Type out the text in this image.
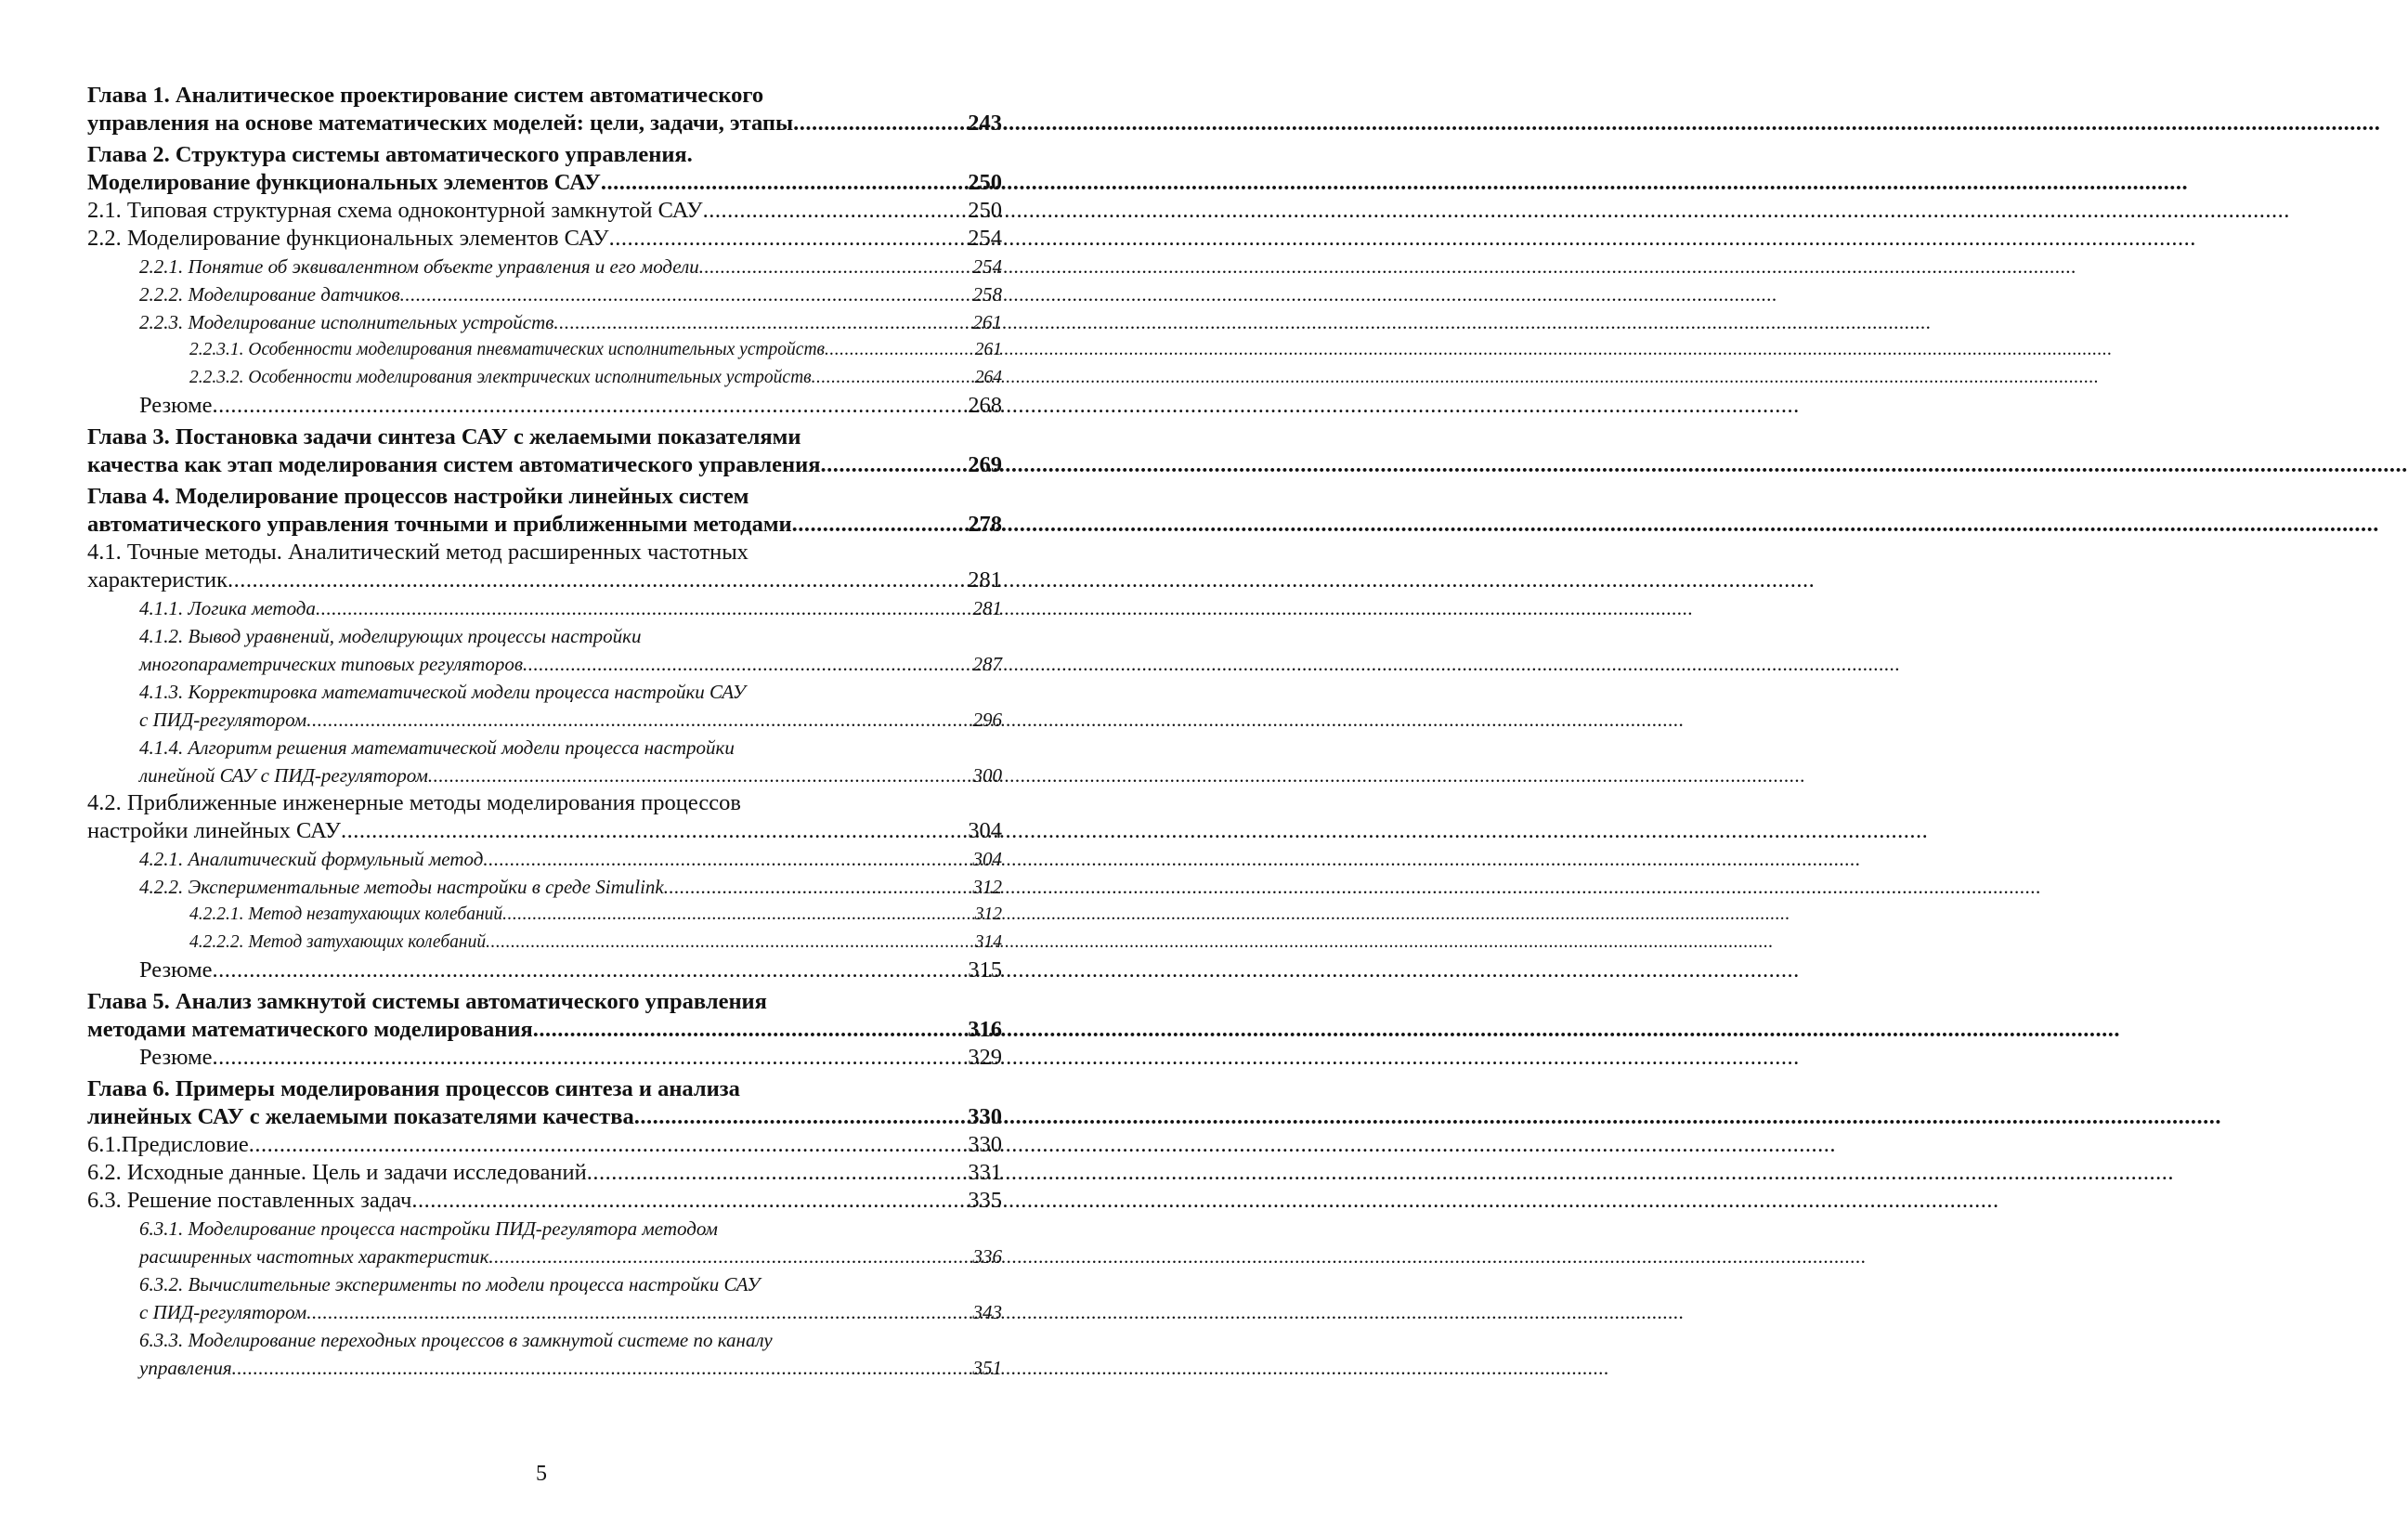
Глава 1. Аналитическое проектирование систем автоматического
управления на основе математических моделей: цели, задачи, этапы .....	243
Глава 2. Структура системы автоматического управления.
Моделирование функциональных элементов САУ .....	250
2.1. Типовая структурная схема одноконтурной замкнутой САУ .....	250
2.2. Моделирование функциональных элементов САУ .....	254
2.2.1. Понятие об эквивалентном объекте управления и его модели .....	254
2.2.2. Моделирование датчиков .....	258
2.2.3. Моделирование исполнительных устройств .....	261
2.2.3.1. Особенности моделирования пневматических исполнительных устройств .....	261
2.2.3.2. Особенности моделирования электрических исполнительных устройств .....	264
Резюме .....	268
Глава 3. Постановка задачи синтеза САУ с желаемыми показателями
качества как этап моделирования систем автоматического управления .....	269
Глава 4. Моделирование процессов настройки линейных систем
автоматического управления точными и приближенными методами .....	278
4.1. Точные методы. Аналитический метод расширенных частотных
характеристик .....	281
4.1.1. Логика метода .....	281
4.1.2. Вывод уравнений, моделирующих процессы настройки
многопараметрических типовых регуляторов .....	287
4.1.3. Корректировка математической модели процесса настройки САУ
с ПИД-регулятором .....	296
4.1.4. Алгоритм решения математической модели процесса настройки
линейной САУ с ПИД-регулятором .....	300
4.2. Приближенные инженерные методы моделирования процессов
настройки линейных САУ .....	304
4.2.1. Аналитический формульный метод .....	304
4.2.2. Экспериментальные методы настройки в среде Simulink .....	312
4.2.2.1. Метод незатухающих колебаний .....	312
4.2.2.2. Метод затухающих колебаний .....	314
Резюме .....	315
Глава 5. Анализ замкнутой системы автоматического управления
методами математического моделирования .....	316
Резюме .....	329
Глава 6. Примеры моделирования процессов синтеза и анализа
линейных САУ с желаемыми показателями качества .....	330
6.1.Предисловие .....	330
6.2. Исходные данные. Цель и задачи исследований .....	331
6.3. Решение поставленных задач .....	335
6.3.1. Моделирование процесса настройки ПИД-регулятора методом
расширенных частотных характеристик .....	336
6.3.2. Вычислительные эксперименты по модели процесса настройки САУ
с ПИД-регулятором .....	343
6.3.3. Моделирование переходных процессов в замкнутой системе по каналу
управления .....	351
5
